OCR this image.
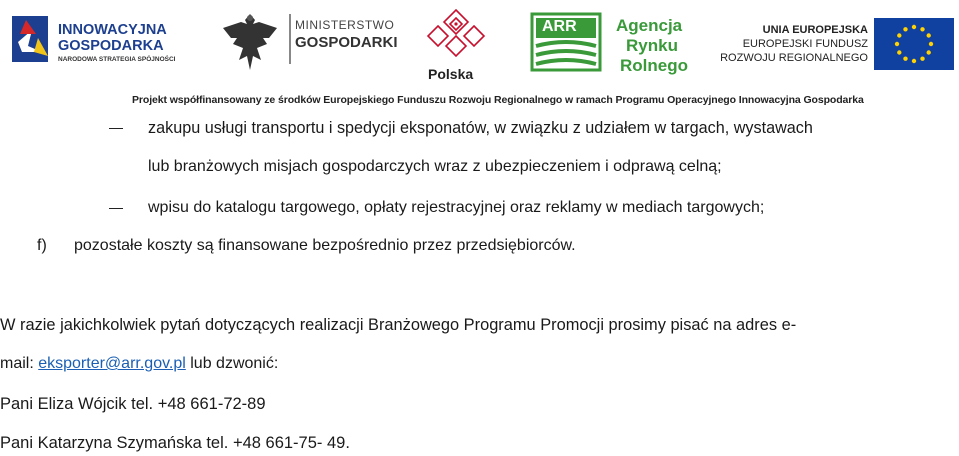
INNOWACYJNA
GOSPODARKA
NARODOWA STRATEGIA SPÓJNOŚCI
MINISTERSTWO
GOSPODARKI
Polska
ARR Agencja
Rynku
Rolnego
UNIA EUROPEJSKA
EUROPEJSKI FUNDUSZ
ROZWOJU REGIONALNEGO
Projekt współfinansowany ze środków Europejskiego Funduszu Rozwoju Regionalnego w ramach Programu Operacyjnego Innowacyjna Gospodarka
zakupu usługi transportu i spedycji eksponatów, w związku z udziałem w targach, wystawach
lub branżowych misjach gospodarczych wraz z ubezpieczeniem i odprawą celną;
wpisu do katalogu targowego, opłaty rejestracyjnej oraz reklamy w mediach targowych;
f) pozostałe koszty są finansowane bezpośrednio przez przedsiębiorców.
W razie jakichkolwiek pytań dotyczących realizacji Branżowego Programu Promocji prosimy pisać na adres e-
mail: eksporter@arr.gov.pl lub dzwonić:
Pani Eliza Wójcik tel. +48 661-72-89
Pani Katarzyna Szymańska tel. +48 661-75- 49.
